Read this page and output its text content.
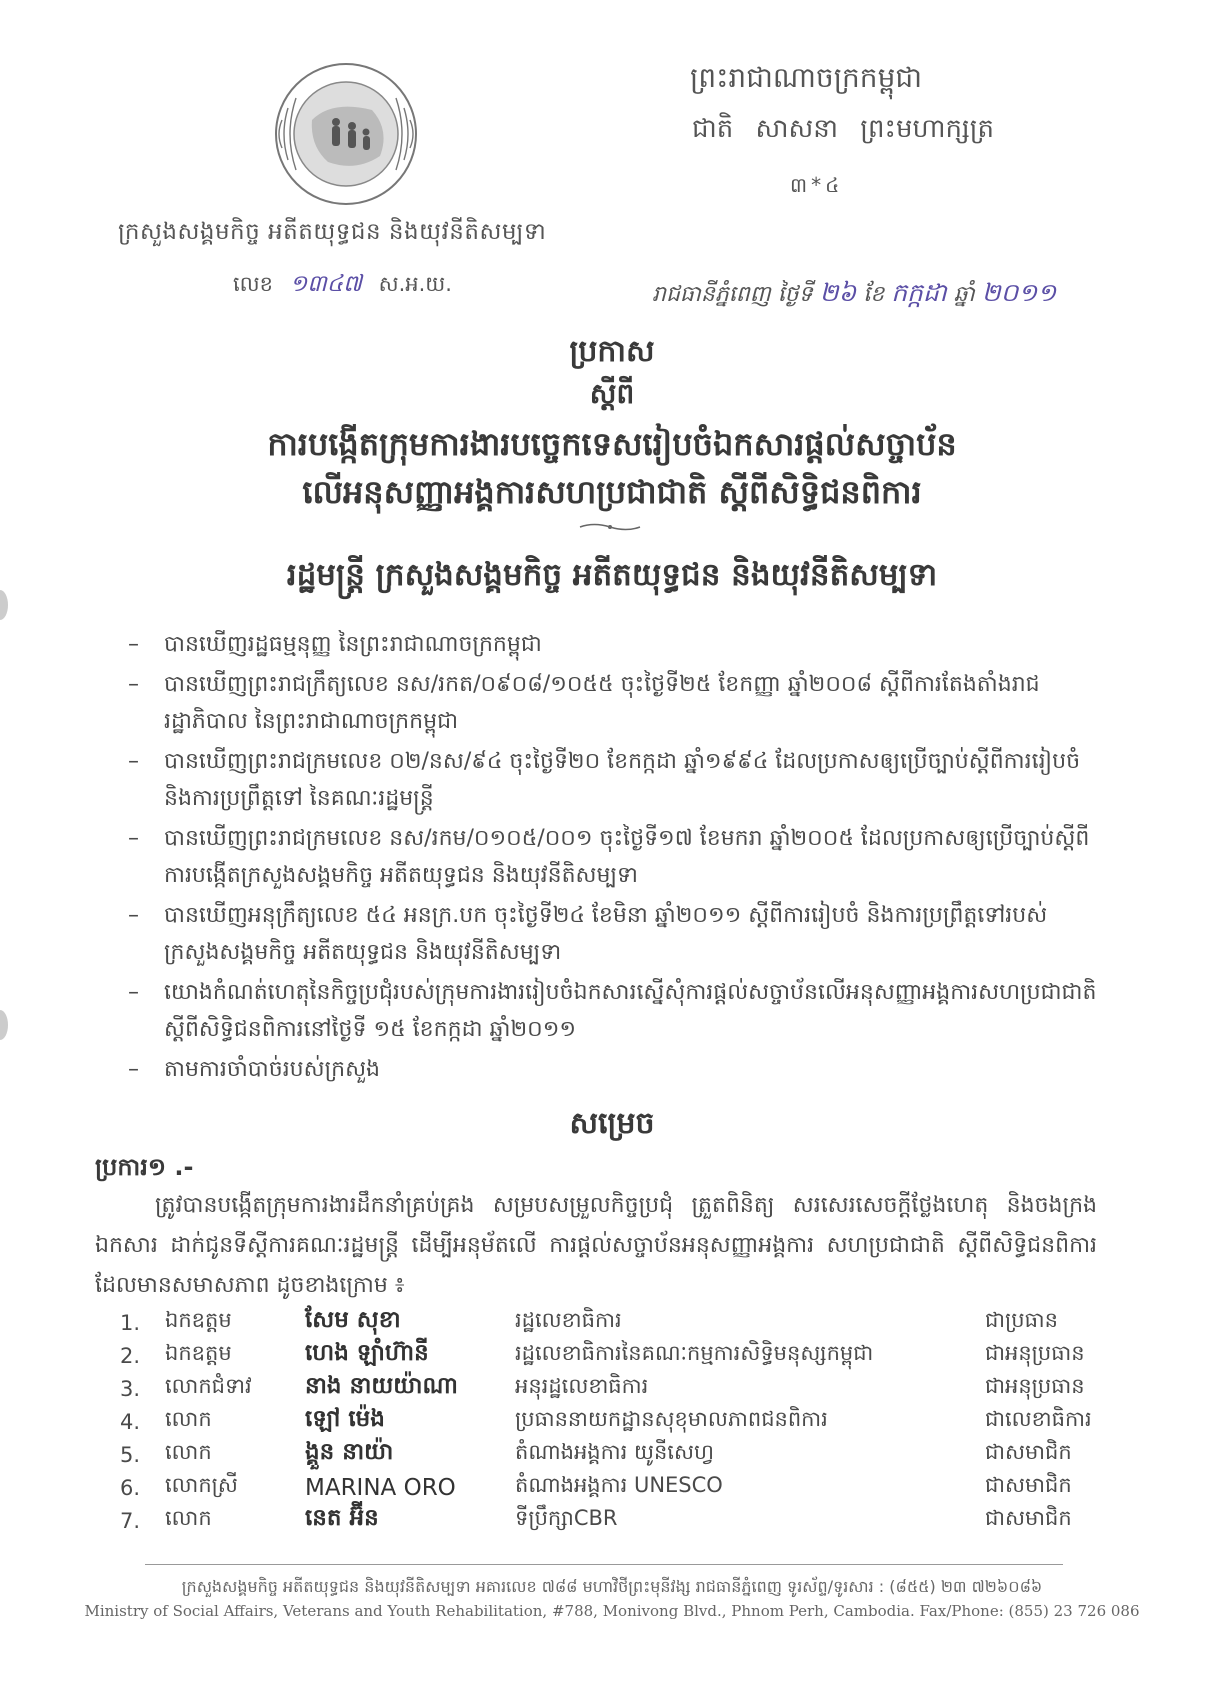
ក្រសួងសង្គមកិច្ច អតីតយុទ្ធជន និងយុវនីតិសម្បទា
លេខ ១៣៤៧ ស.អ.យ.
ព្រះរាជាណាចក្រកម្ពុជា
ជាតិ សាសនា ព្រះមហាក្សត្រ
៣*៤
រាជធានីភ្នំពេញ ថ្ងៃទី ២៦ ខែ កក្កដា ឆ្នាំ ២០១១
ប្រកាស
ស្តីពី
ការបង្កើតក្រុមការងារបច្ចេកទេសរៀបចំឯកសារផ្តល់សច្ចាប័ន
លើអនុសញ្ញាអង្គការសហប្រជាជាតិ ស្តីពីសិទ្ធិជនពិការ
រដ្ឋមន្ត្រី ក្រសួងសង្គមកិច្ច អតីតយុទ្ធជន និងយុវនីតិសម្បទា
– បានឃើញរដ្ឋធម្មនុញ្ញ នៃព្រះរាជាណាចក្រកម្ពុជា
– បានឃើញព្រះរាជក្រឹត្យលេខ នស/រកត/០៩០៨/១០៥៥ ចុះថ្ងៃទី២៥ ខែកញ្ញា ឆ្នាំ២០០៨ ស្តីពីការតែងតាំងរាជរដ្ឋាភិបាល នៃព្រះរាជាណាចក្រកម្ពុជា
– បានឃើញព្រះរាជក្រមលេខ ០២/នស/៩៤ ចុះថ្ងៃទី២០ ខែកក្កដា ឆ្នាំ១៩៩៤ ដែលប្រកាសឲ្យប្រើច្បាប់ស្តីពីការរៀបចំ និងការប្រព្រឹត្តទៅ នៃគណៈរដ្ឋមន្ត្រី
– បានឃើញព្រះរាជក្រមលេខ នស/រកម/០១០៥/០០១ ចុះថ្ងៃទី១៧ ខែមករា ឆ្នាំ២០០៥ ដែលប្រកាសឲ្យប្រើច្បាប់ស្តីពីការបង្កើតក្រសួងសង្គមកិច្ច អតីតយុទ្ធជន និងយុវនីតិសម្បទា
– បានឃើញអនុក្រឹត្យលេខ ៥៤ អនក្រ.បក ចុះថ្ងៃទី២៤ ខែមិនា ឆ្នាំ២០១១ ស្តីពីការរៀបចំ និងការប្រព្រឹត្តទៅរបស់ក្រសួងសង្គមកិច្ច អតីតយុទ្ធជន និងយុវនីតិសម្បទា
– យោងកំណត់ហេតុនៃកិច្ចប្រជុំរបស់ក្រុមការងាររៀបចំឯកសារស្នើសុំការផ្តល់សច្ចាប័នលើអនុសញ្ញាអង្គការសហប្រជាជាតិស្តីពីសិទ្ធិជនពិការនៅថ្ងៃទី ១៥ ខែកក្កដា ឆ្នាំ២០១១
– តាមការចាំបាច់របស់ក្រសួង
សម្រេច
ប្រការ១ .-

ត្រូវបានបង្កើតក្រុមការងារដឹកនាំគ្រប់គ្រង សម្របសម្រួលកិច្ចប្រជុំ ត្រួតពិនិត្យ សរសេរសេចក្តីថ្លែងហេតុ និងចងក្រងឯកសារ ដាក់ជូនទីស្តីការគណៈរដ្ឋមន្ត្រី ដើម្បីអនុម័តលើ ការផ្តល់សច្ចាប័នអនុសញ្ញាអង្គការ សហប្រជាជាតិ ស្តីពីសិទ្ធិជនពិការ ដែលមានសមាសភាព ដូចខាងក្រោម ៖

1.	ឯកឧត្តម	សែម សុខា	រដ្ឋលេខាធិការ	ជាប្រធាន
2.	ឯកឧត្តម	ហេង ឡាំហ៊ានី	រដ្ឋលេខាធិការនៃគណៈកម្មការសិទ្ធិមនុស្សកម្ពុជា	ជាអនុប្រធាន
3.	លោកជំទាវ	នាង នាយយ៉ាណា	អនុរដ្ឋលេខាធិការ	ជាអនុប្រធាន
4.	លោក	ឡៅ ម៉េង	ប្រធាននាយកដ្ឋានសុខុមាលភាពជនពិការ	ជាលេខាធិការ
5.	លោក	ង្គួន នាយ៉ា	តំណាងអង្គការ យូនីសេហ្វ	ជាសមាជិក
6.	លោកស្រី	MARINA ORO	តំណាងអង្គការ UNESCO	ជាសមាជិក
7.	លោក	នេត អ៊ីន	ទីប្រឹក្សាCBR	ជាសមាជិក
ក្រសួងសង្គមកិច្ច អតីតយុទ្ធជន និងយុវនីតិសម្បទា អគារលេខ ៧៨៨ មហាវិថីព្រះមុនីវង្ស រាជធានីភ្នំពេញ ទូរស័ព្ទ/ទូរសារ : (៨៥៥) ២៣ ៧២៦០៨៦
Ministry of Social Affairs, Veterans and Youth Rehabilitation, #788, Monivong Blvd., Phnom Perh, Cambodia. Fax/Phone: (855) 23 726 086
